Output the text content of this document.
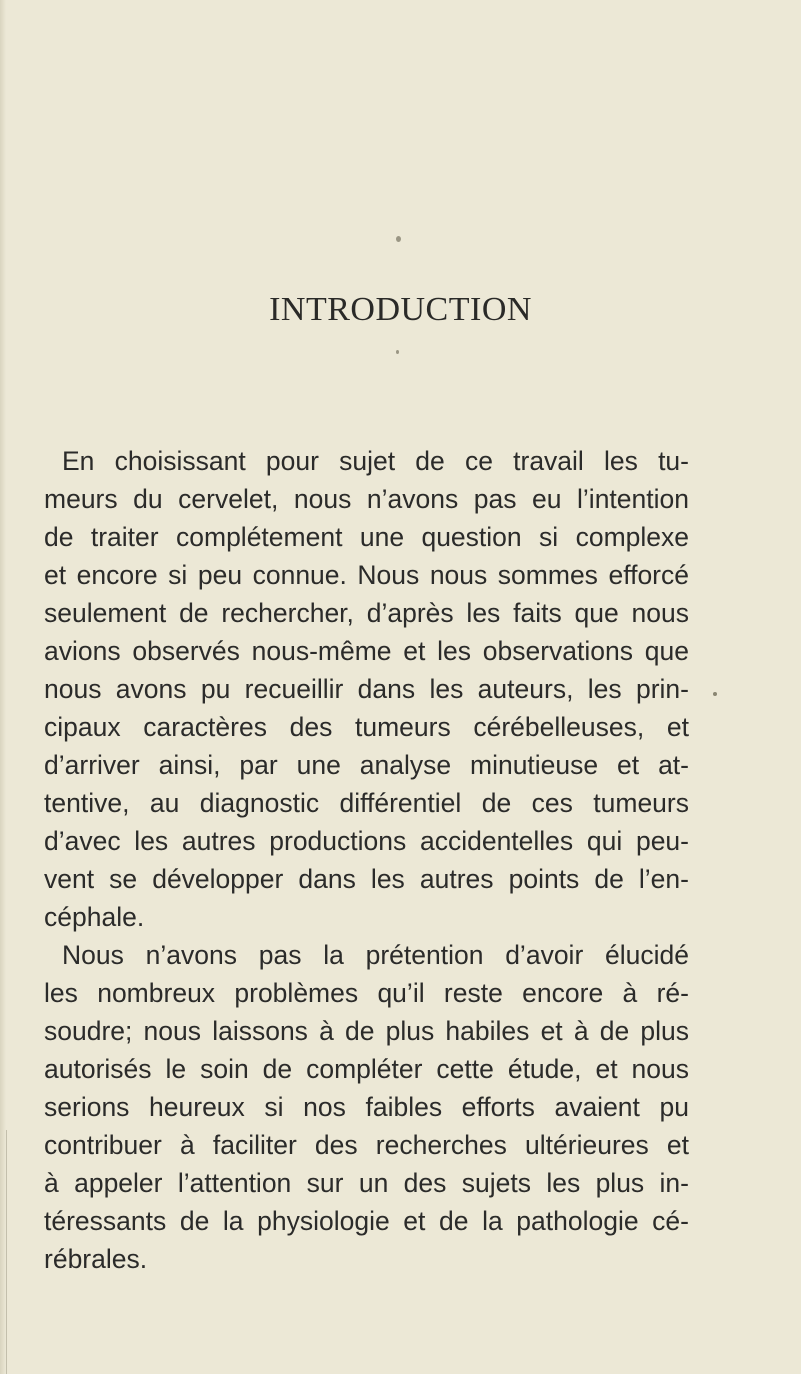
INTRODUCTION
En choisissant pour sujet de ce travail les tu-
meurs du cervelet, nous n’avons pas eu l’intention
de traiter complétement une question si complexe
et encore si peu connue. Nous nous sommes efforcé
seulement de rechercher, d’après les faits que nous
avions observés nous-même et les observations que
nous avons pu recueillir dans les auteurs, les prin-
cipaux caractères des tumeurs cérébelleuses, et
d’arriver ainsi, par une analyse minutieuse et at-
tentive, au diagnostic différentiel de ces tumeurs
d’avec les autres productions accidentelles qui peu-
vent se développer dans les autres points de l’en-
céphale.
Nous n’avons pas la prétention d’avoir élucidé
les nombreux problèmes qu’il reste encore à ré-
soudre; nous laissons à de plus habiles et à de plus
autorisés le soin de compléter cette étude, et nous
serions heureux si nos faibles efforts avaient pu
contribuer à faciliter des recherches ultérieures et
à appeler l’attention sur un des sujets les plus in-
téressants de la physiologie et de la pathologie cé-
rébrales.
